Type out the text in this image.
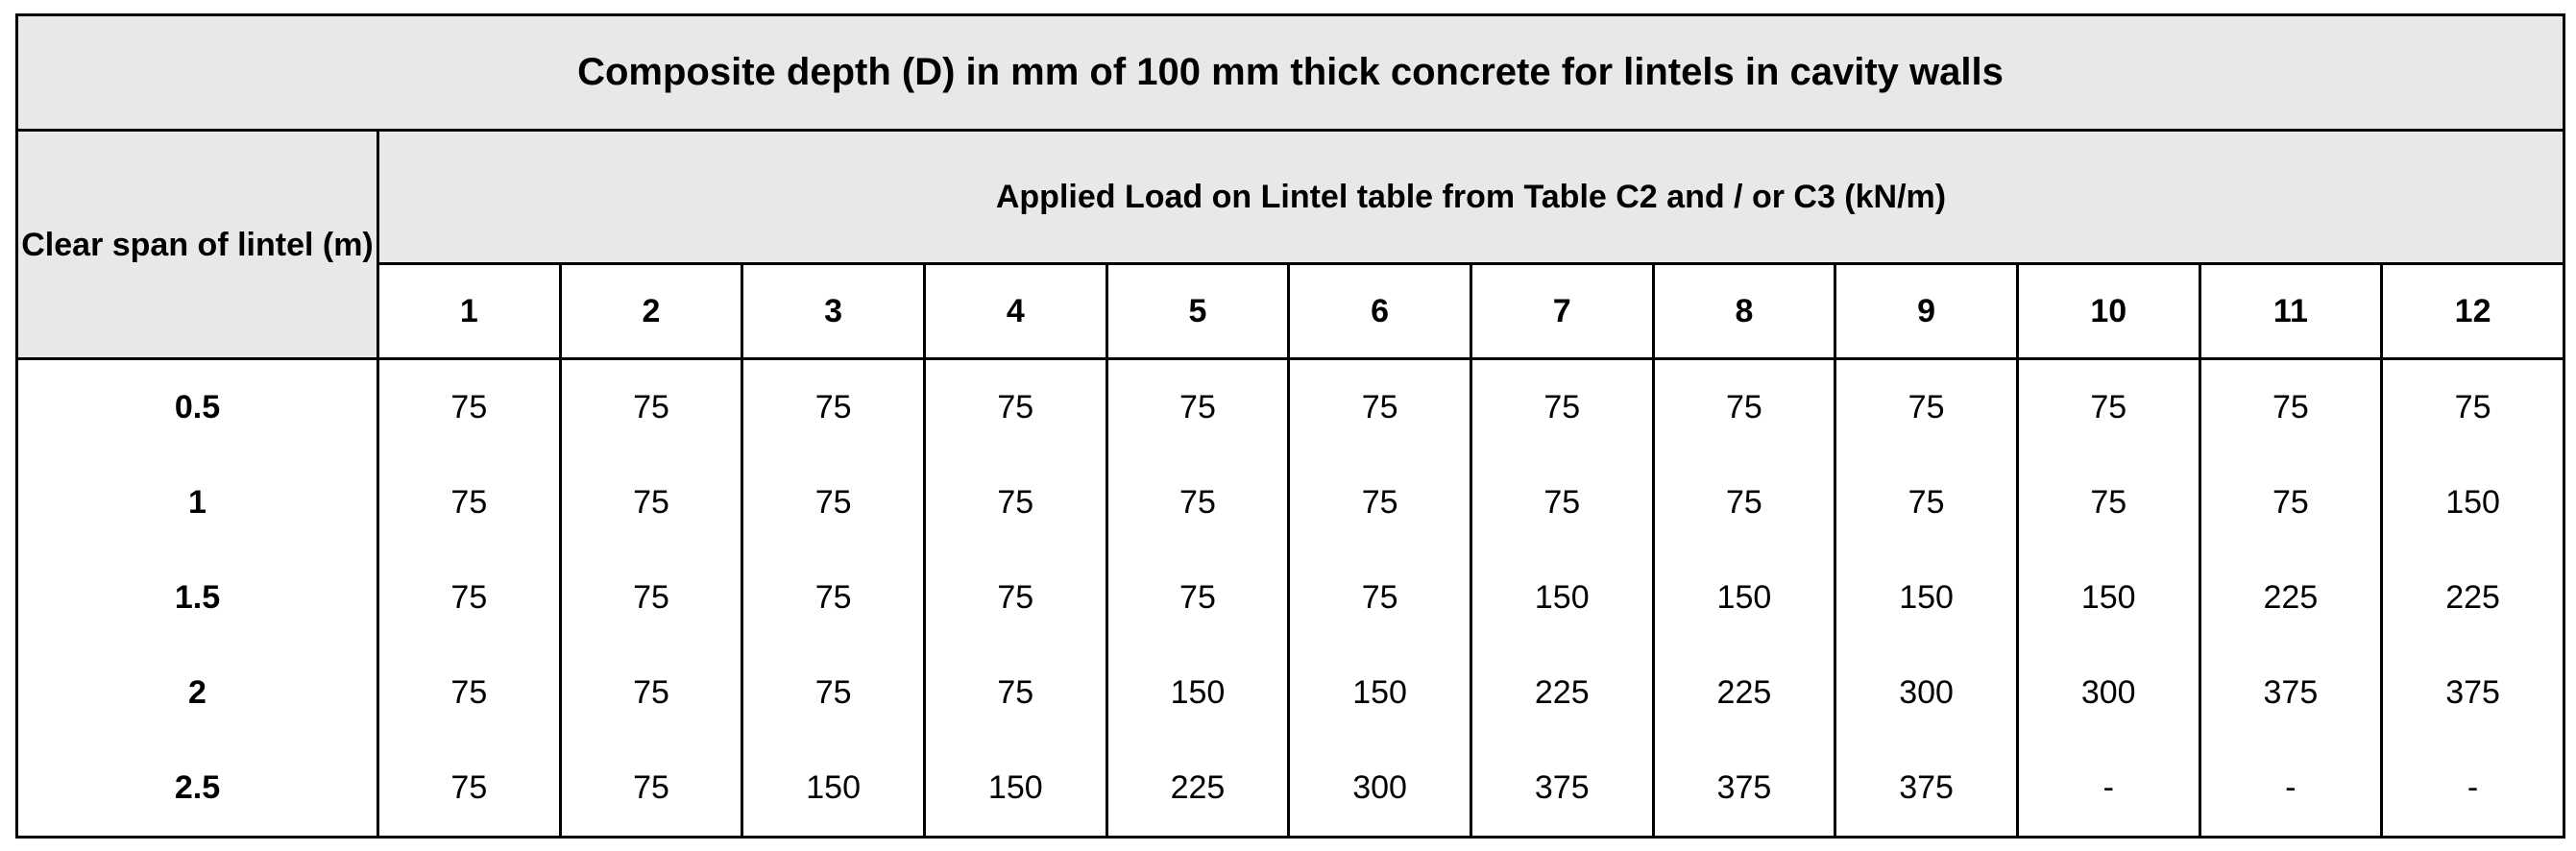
Composite depth (D) in mm of 100 mm thick concrete for lintels in cavity walls												
Clear span of lintel (m)	Applied Load on Lintel table from Table C2 and / or C3 (kN/m)											
	1	2	3	4	5	6	7	8	9	10	11	12
0.5	75	75	75	75	75	75	75	75	75	75	75	75
1	75	75	75	75	75	75	75	75	75	75	75	150
1.5	75	75	75	75	75	75	150	150	150	150	225	225
2	75	75	75	75	150	150	225	225	300	300	375	375
2.5	75	75	150	150	225	300	375	375	375	-	-	-
